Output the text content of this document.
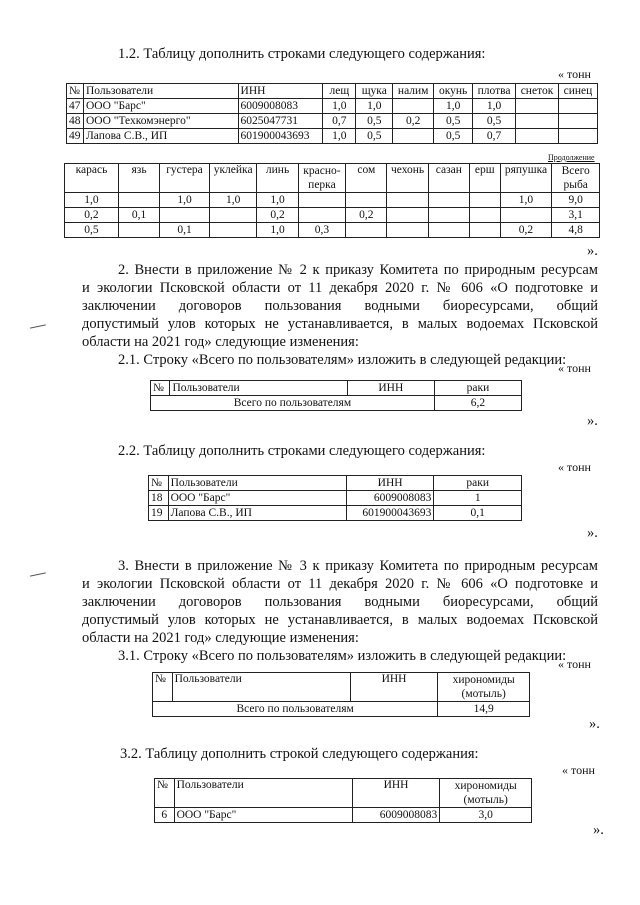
1.2. Таблицу дополнить строками следующего содержания:
« тонн
№	Пользователи	ИНН	лещ	щука	налим	окунь	плотва	снеток	синец
47	ООО "Барс"	6009008083	1,0	1,0		1,0	1,0		
48	ООО "Техкомэнерго"	6025047731	0,7	0,5	0,2	0,5	0,5		
49	Лапова С.В., ИП	601900043693	1,0	0,5		0,5	0,7		
Продолжение
карась	язь	густера	уклейка	линь	красно-перка	сом	чехонь	сазан	ерш	ряпушка	Всего рыба
1,0		1,0	1,0	1,0						1,0	9,0
0,2	0,1			0,2		0,2					3,1
0,5		0,1		1,0	0,3					0,2	4,8
».
2. Внести в приложение № 2 к приказу Комитета по природным ресурсам
и экологии Псковской области от 11 декабря 2020 г. № 606 «О подготовке и
заключении договоров пользования водными биоресурсами, общий
допустимый улов которых не устанавливается, в малых водоемах Псковской
области на 2021 год» следующие изменения:
2.1. Строку «Всего по пользователям» изложить в следующей редакции:
« тонн
№	Пользователи	ИНН	раки
Всего по пользователям			6,2
».
2.2. Таблицу дополнить строками следующего содержания:
« тонн
№	Пользователи	ИНН	раки
18	ООО "Барс"	6009008083	1
19	Лапова С.В., ИП	601900043693	0,1
».
3. Внести в приложение № 3 к приказу Комитета по природным ресурсам
и экологии Псковской области от 11 декабря 2020 г. № 606 «О подготовке и
заключении договоров пользования водными биоресурсами, общий
допустимый улов которых не устанавливается, в малых водоемах Псковской
области на 2021 год» следующие изменения:
3.1. Строку «Всего по пользователям» изложить в следующей редакции:
« тонн
№	Пользователи	ИНН	хирономиды (мотыль)
Всего по пользователям			14,9
».
3.2. Таблицу дополнить строкой следующего содержания:
« тонн
№	Пользователи	ИНН	хирономиды (мотыль)
6	ООО "Барс"	6009008083	3,0
».
